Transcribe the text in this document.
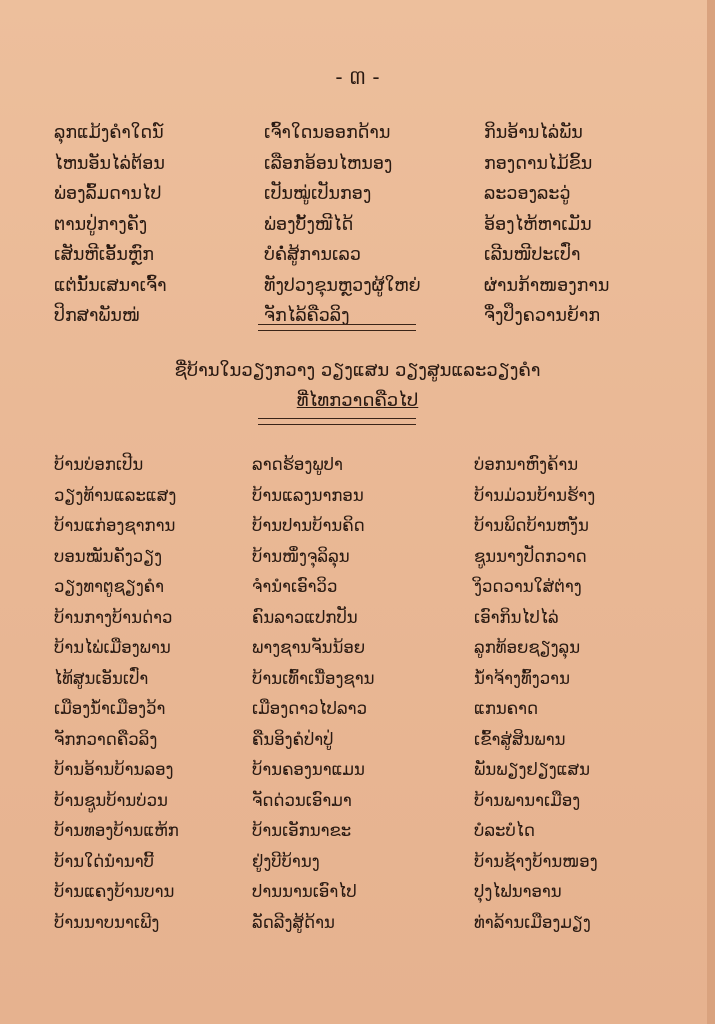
- ៣ -
ລຸກແມ້ງຄຳໃດນ໌	ເຈົ້າໃດນອອກດ້ານ	ກິນອ້ານໄລ່ພັນ
ໄຫນອັນໄລ່ຕ້ອນ	ເລືອກອ້ອນໄຫນອງ	ກອງດານໄມ້ຂິ້ນ
ພ່ອງລົ້ມດານໄປ	ເປັນໝູ່ເປັນກອງ	ລະວອງລະວູ່
ຕານປູ່ກາງຄັງ	ພ່ອງບັ້ງໜີໄດ້	ອ້ອງໄຫ້ຫາເມັນ
ເສັນຫີເອັ້ນຫຼົກ	ບໍຄໍ່ສູ້ການເລວ	ເລີນໜີປະເປົ່າ
ແຕ່ນັ້ນເສນາເຈົ້າ	ທັງປວງຂຸນຫຼວງຜູ້ໃຫຍ່	ຜ່ານກ້າໜອງການ
ປິກສາພັນໜ່	ຈັກໄລ້ຄືວລິງ	ຈຶ່ງປຶງຄວານຍ້າກ
ຊື່ບ້ານໃນວຽງກວາງ ວຽງແສນ ວຽງສູນແລະວຽງຄຳ
ທີ່ໄທກວາດຄືວໄປ
ບ້ານບ່ອກເປີນ	ລາດຮ້ອງພູປາ	ບ່ອກນາຫົງຄ້ານ
ວຽງທ້ານແລະແສງ	ບ້ານແລງນາກອນ	ບ້ານມ່ວນບ້ານຮ້າງ
ບ້ານແກ່ອງຊາການ	ບ້ານປານບ້ານຄິດ	ບ້ານພິດບ້ານຫງັນ
ບອນໝັນຄັງວຽງ	ບ້ານໜຶ່ງຈຸລິລຸນ	ຊູນນາງປັດກວາດ
ວຽງທາຕູຊຽງຄຳ	ຈຳນຳເອົາວິວ	ງິວດວານໃສ່ຕ່າງ
ບ້ານກາງບ້ານດ່າວ	ຄົນລາວແປກປັນ	ເອົາກິນໄປໄລ່
ບ້ານໄພ່ເມືອງພານ	ພາງຊານຈັນນ້ອຍ	ລູກທ້ອຍຊຽງລຸນ
ໄທ້ສູນເອັນເປົ່າ	ບ້ານເທົ້າເນື່ອງຊານ	ນ້ຳຈ້າງທົ້ງວານ
ເມືອງນ້ຳເມືອງວ້າ	ເມືອງດາວໄປລາວ	ແກນຄາດ
ຈັກກວາດຄືວລິງ	ຄືນອິງຄໍປ່າປູ່	ເຂົ້າສູ່ສິນພານ
ບ້ານອ້ານບ້ານລອງ	ບ້ານຄອງນາແມນ	ພັນພຽງຢຽງແສນ
ບ້ານຊູນບ້ານບ່ວນ	ຈັດດ່ວນເອົາມາ	ບ້ານພານາເມືອງ
ບ້ານທອງບ້ານແຫ້ກ	ບ້ານເອັກນາຂະ	ບໍລະບໍໄດ
ບ້ານໃດ່ນຳນາບີ້	ຢູ່ງບີບ້ານງ	ບ້ານຊ້າງບ້ານໜອງ
ບ້ານແຄງບ້ານບານ	ປານນານເອົາໄປ	ປຸງໄຟນາອານ
ບ້ານນາບນາເພີງ	ລັດລີງສູ້ດ້ານ	ທ່າລ້ານເມືອງມຽງ
